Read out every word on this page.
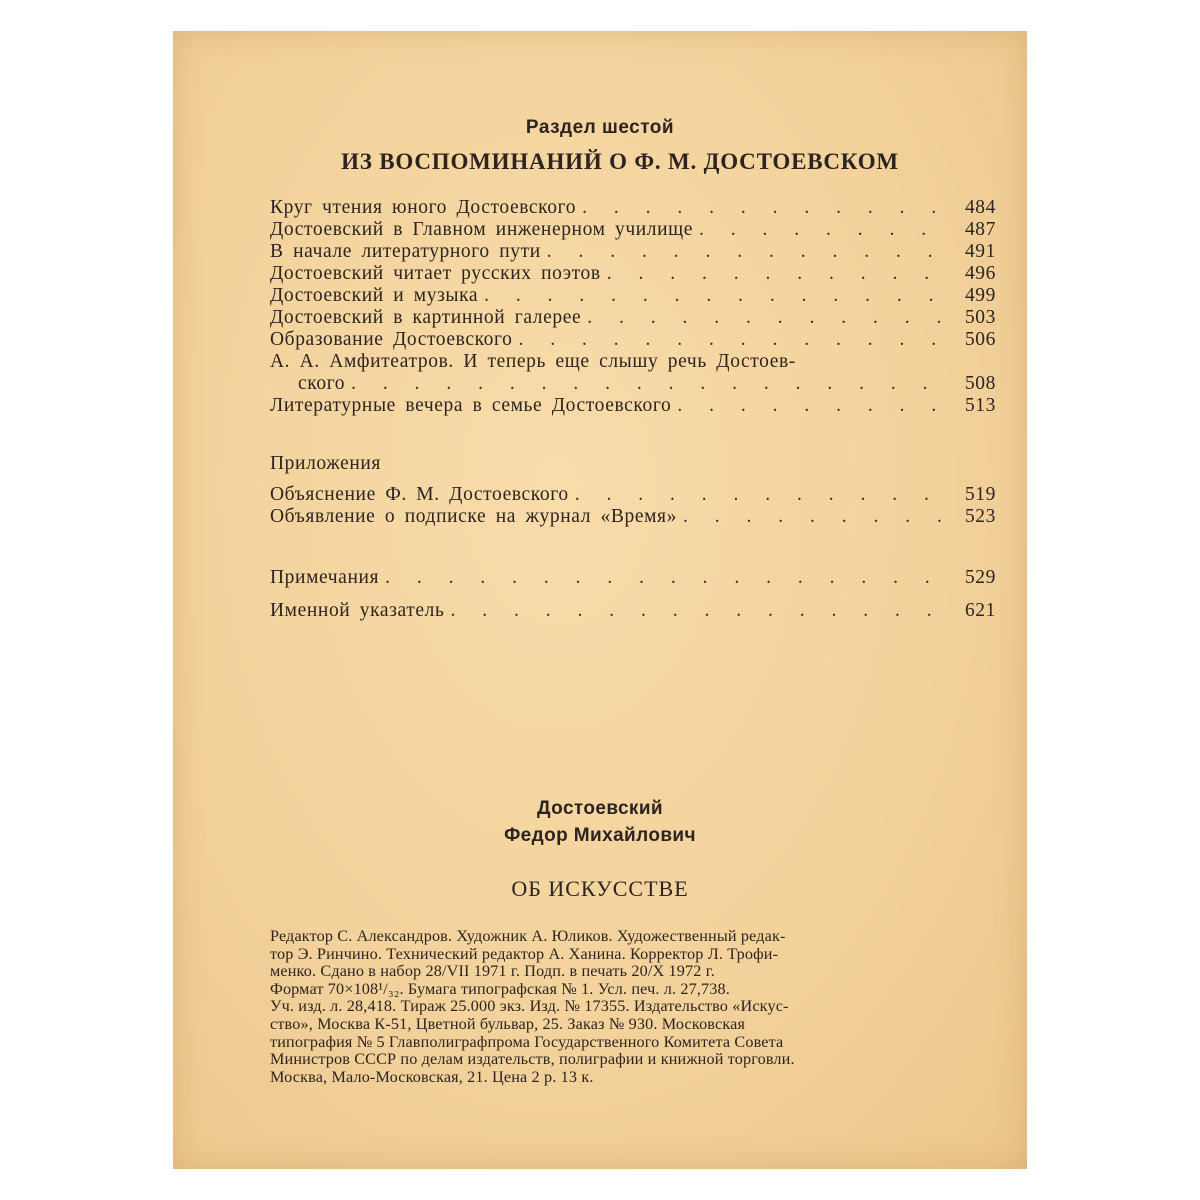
Раздел шестой
ИЗ ВОСПОМИНАНИЙ О Ф. М. ДОСТОЕВСКОМ
Круг чтения юного Достоевского . . .	484
Достоевский в Главном инженерном училище . . .	487
В начале литературного пути . . .	491
Достоевский читает русских поэтов . . .	496
Достоевский и музыка . . .	499
Достоевский в картинной галерее . . .	503
Образование Достоевского . . .	506
А. А. Амфитеатров. И теперь еще слышу речь Достоев-
ского . . .	508
Литературные вечера в семье Достоевского . . .	513
Приложения
Объяснение Ф. М. Достоевского . . .	519
Объявление о подписке на журнал «Время» . . .	523
Примечания . . .	529
Именной указатель . . .	621
Достоевский
Федор Михайлович
ОБ ИСКУССТВЕ
Редактор С. Александров. Художник А. Юликов. Художественный редак-
тор Э. Ринчино. Технический редактор А. Ханина. Корректор Л. Трофи-
менко. Сдано в набор 28/VII 1971 г. Подп. в печать 20/X 1972 г.
Формат 70×108¹/₃₂. Бумага типографская № 1. Усл. печ. л. 27,738.
Уч. изд. л. 28,418. Тираж 25.000 экз. Изд. № 17355. Издательство «Искус-
ство», Москва К-51, Цветной бульвар, 25. Заказ № 930. Московская
типография № 5 Главполиграфпрома Государственного Комитета Совета
Министров СССР по делам издательств, полиграфии и книжной торговли.
Москва, Мало-Московская, 21. Цена 2 р. 13 к.
